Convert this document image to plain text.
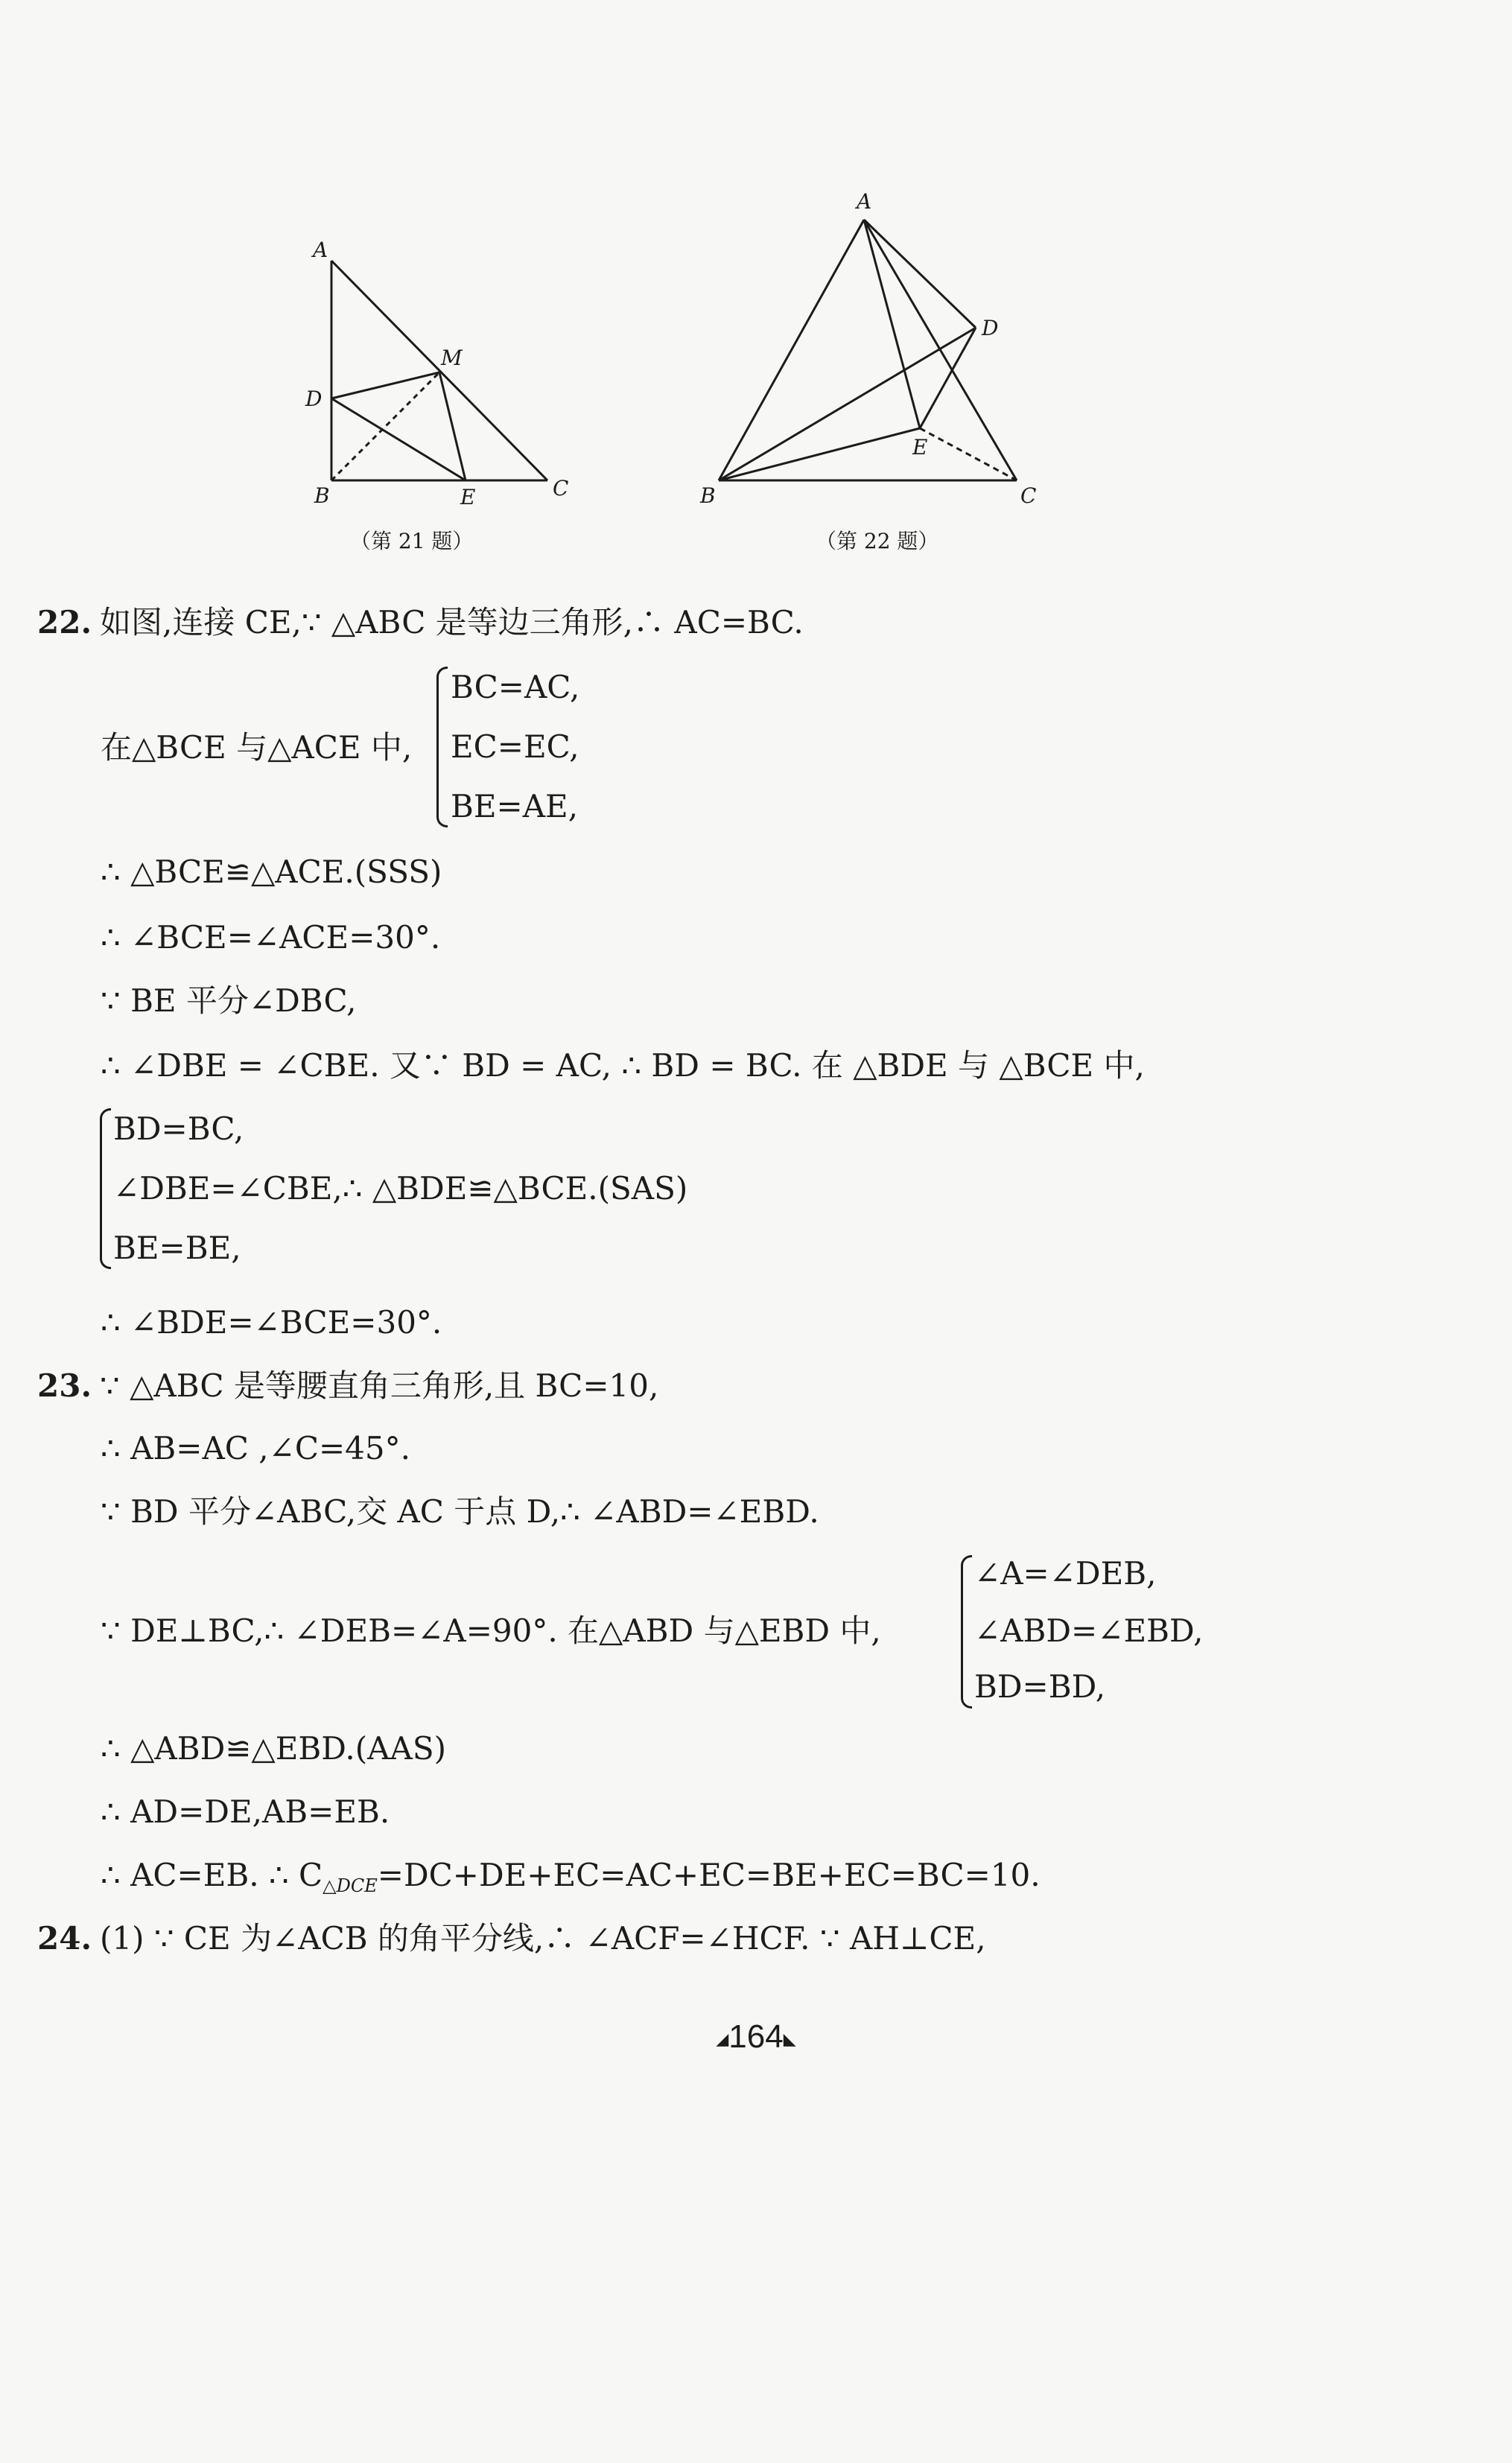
A
D
M
B	E	C
（第 21 题）
A
D
E
B	C
（第 22 题）
22. 如图,连接 CE,∵ △ABC 是等边三角形,∴ AC=BC.
在△BCE 与△ACE 中,
BC=AC,
EC=EC,
BE=AE,
∴ △BCE≌△ACE.(SSS)
∴ ∠BCE=∠ACE=30°.
∵ BE 平分∠DBC,
∴ ∠DBE = ∠CBE. 又∵ BD = AC, ∴ BD = BC. 在 △BDE 与 △BCE 中,
BD=BC,
∠DBE=∠CBE,∴ △BDE≌△BCE.(SAS)
BE=BE,
∴ ∠BDE=∠BCE=30°.
23. ∵ △ABC 是等腰直角三角形,且 BC=10,
∴ AB=AC ,∠C=45°.
∵ BD 平分∠ABC,交 AC 于点 D,∴ ∠ABD=∠EBD.
∵ DE⊥BC,∴ ∠DEB=∠A=90°. 在△ABD 与△EBD 中,
∠A=∠DEB,
∠ABD=∠EBD,
BD=BD,
∴ △ABD≌△EBD.(AAS)
∴ AD=DE,AB=EB.
∴ AC=EB. ∴ $C_{\triangle DCE}=DC+DE+EC=AC+EC=BE+EC=BC=10$.
24. (1) ∵ CE 为∠ACB 的角平分线,∴ ∠ACF=∠HCF. ∵ AH⊥CE,
◢164◣
